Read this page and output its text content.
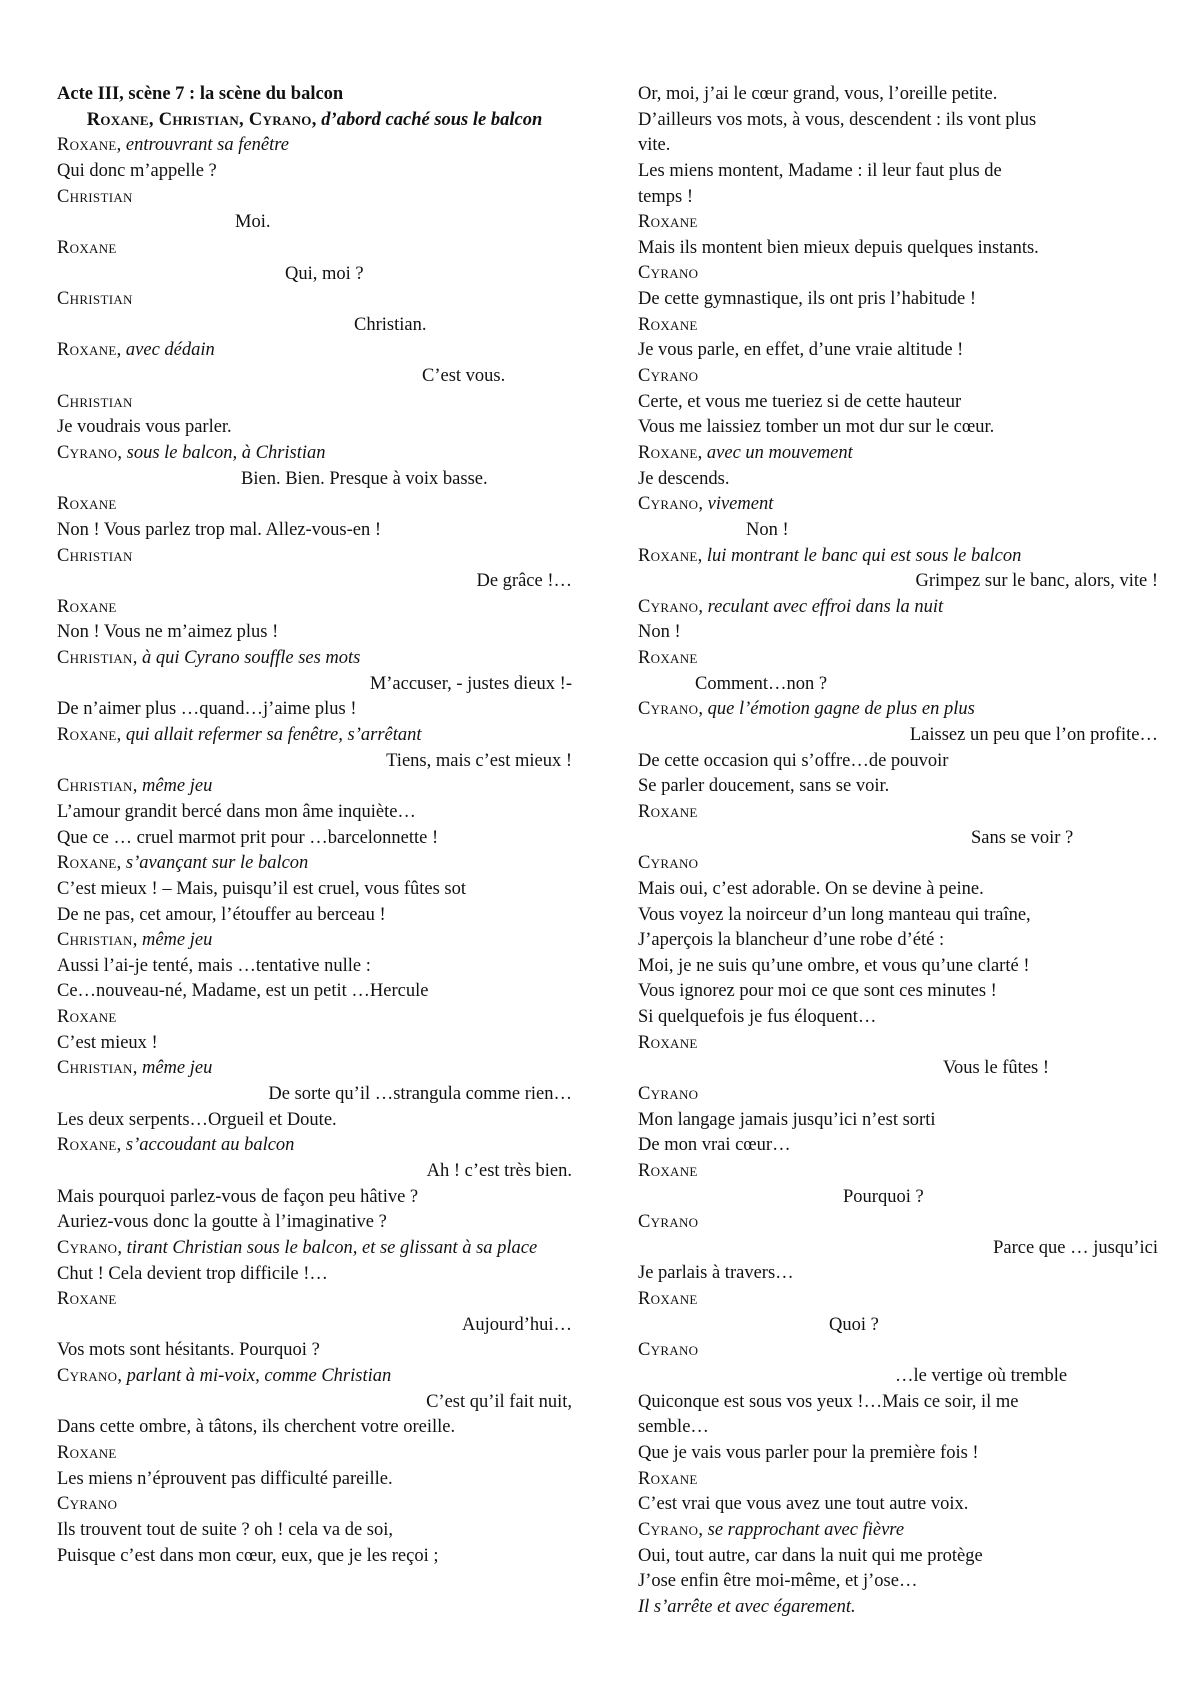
Acte III, scène 7 : la scène du balcon
Roxane, Christian, Cyrano, d’abord caché sous le balcon
Roxane, entrouvrant sa fenêtre
Qui donc m’appelle ?
Christian
Moi.
Roxane
Qui, moi ?
Christian
Christian.
Roxane, avec dédain
C’est vous.
Christian
Je voudrais vous parler.
Cyrano, sous le balcon, à Christian
Bien. Bien. Presque à voix basse.
Roxane
Non ! Vous parlez trop mal. Allez-vous-en !
Christian
De grâce !…
Roxane
Non ! Vous ne m’aimez plus !
Christian, à qui Cyrano souffle ses mots
M’accuser, - justes dieux !-
De n’aimer plus …quand…j’aime plus !
Roxane, qui allait refermer sa fenêtre, s’arrêtant
Tiens, mais c’est mieux !
Christian, même jeu
L’amour grandit bercé dans mon âme inquiète…
Que ce … cruel marmot prit pour …barcelonnette !
Roxane, s’avançant sur le balcon
C’est mieux ! – Mais, puisqu’il est cruel, vous fûtes sot
De ne pas, cet amour, l’étouffer au berceau !
Christian, même jeu
Aussi l’ai-je tenté, mais …tentative nulle :
Ce…nouveau-né, Madame, est un petit …Hercule
Roxane
C’est mieux !
Christian, même jeu
De sorte qu’il …strangula comme rien…
Les deux serpents…Orgueil et Doute.
Roxane, s’accoudant au balcon
Ah ! c’est très bien.
Mais pourquoi parlez-vous de façon peu hâtive ?
Auriez-vous donc la goutte à l’imaginative ?
Cyrano, tirant Christian sous le balcon, et se glissant à sa place
Chut ! Cela devient trop difficile !…
Roxane
Aujourd’hui…
Vos mots sont hésitants. Pourquoi ?
Cyrano, parlant à mi-voix, comme Christian
C’est qu’il fait nuit,
Dans cette ombre, à tâtons, ils cherchent votre oreille.
Roxane
Les miens n’éprouvent pas difficulté pareille.
Cyrano
Ils trouvent tout de suite ? oh ! cela va de soi,
Puisque c’est dans mon cœur, eux, que je les reçoi ;
Or, moi, j’ai le cœur grand, vous, l’oreille petite.
D’ailleurs vos mots, à vous, descendent : ils vont plus
vite.
Les miens montent, Madame : il leur faut plus de
temps !
Roxane
Mais ils montent bien mieux depuis quelques instants.
Cyrano
De cette gymnastique, ils ont pris l’habitude !
Roxane
Je vous parle, en effet, d’une vraie altitude !
Cyrano
Certe, et vous me tueriez si de cette hauteur
Vous me laissiez tomber un mot dur sur le cœur.
Roxane, avec un mouvement
Je descends.
Cyrano, vivement
Non !
Roxane, lui montrant le banc qui est sous le balcon
Grimpez sur le banc, alors, vite !
Cyrano, reculant avec effroi dans la nuit
Non !
Roxane
Comment…non ?
Cyrano, que l’émotion gagne de plus en plus
Laissez un peu que l’on profite…
De cette occasion qui s’offre…de pouvoir
Se parler doucement, sans se voir.
Roxane
Sans se voir ?
Cyrano
Mais oui, c’est adorable. On se devine à peine.
Vous voyez la noirceur d’un long manteau qui traîne,
J’aperçois la blancheur d’une robe d’été :
Moi, je ne suis qu’une ombre, et vous qu’une clarté !
Vous ignorez pour moi ce que sont ces minutes !
Si quelquefois je fus éloquent…
Roxane
Vous le fûtes !
Cyrano
Mon langage jamais jusqu’ici n’est sorti
De mon vrai cœur…
Roxane
Pourquoi ?
Cyrano
Parce que … jusqu’ici
Je parlais à travers…
Roxane
Quoi ?
Cyrano
…le vertige où tremble
Quiconque est sous vos yeux !…Mais ce soir, il me
semble…
Que je vais vous parler pour la première fois !
Roxane
C’est vrai que vous avez une tout autre voix.
Cyrano, se rapprochant avec fièvre
Oui, tout autre, car dans la nuit qui me protège
J’ose enfin être moi-même, et j’ose…
Il s’arrête et avec égarement.
